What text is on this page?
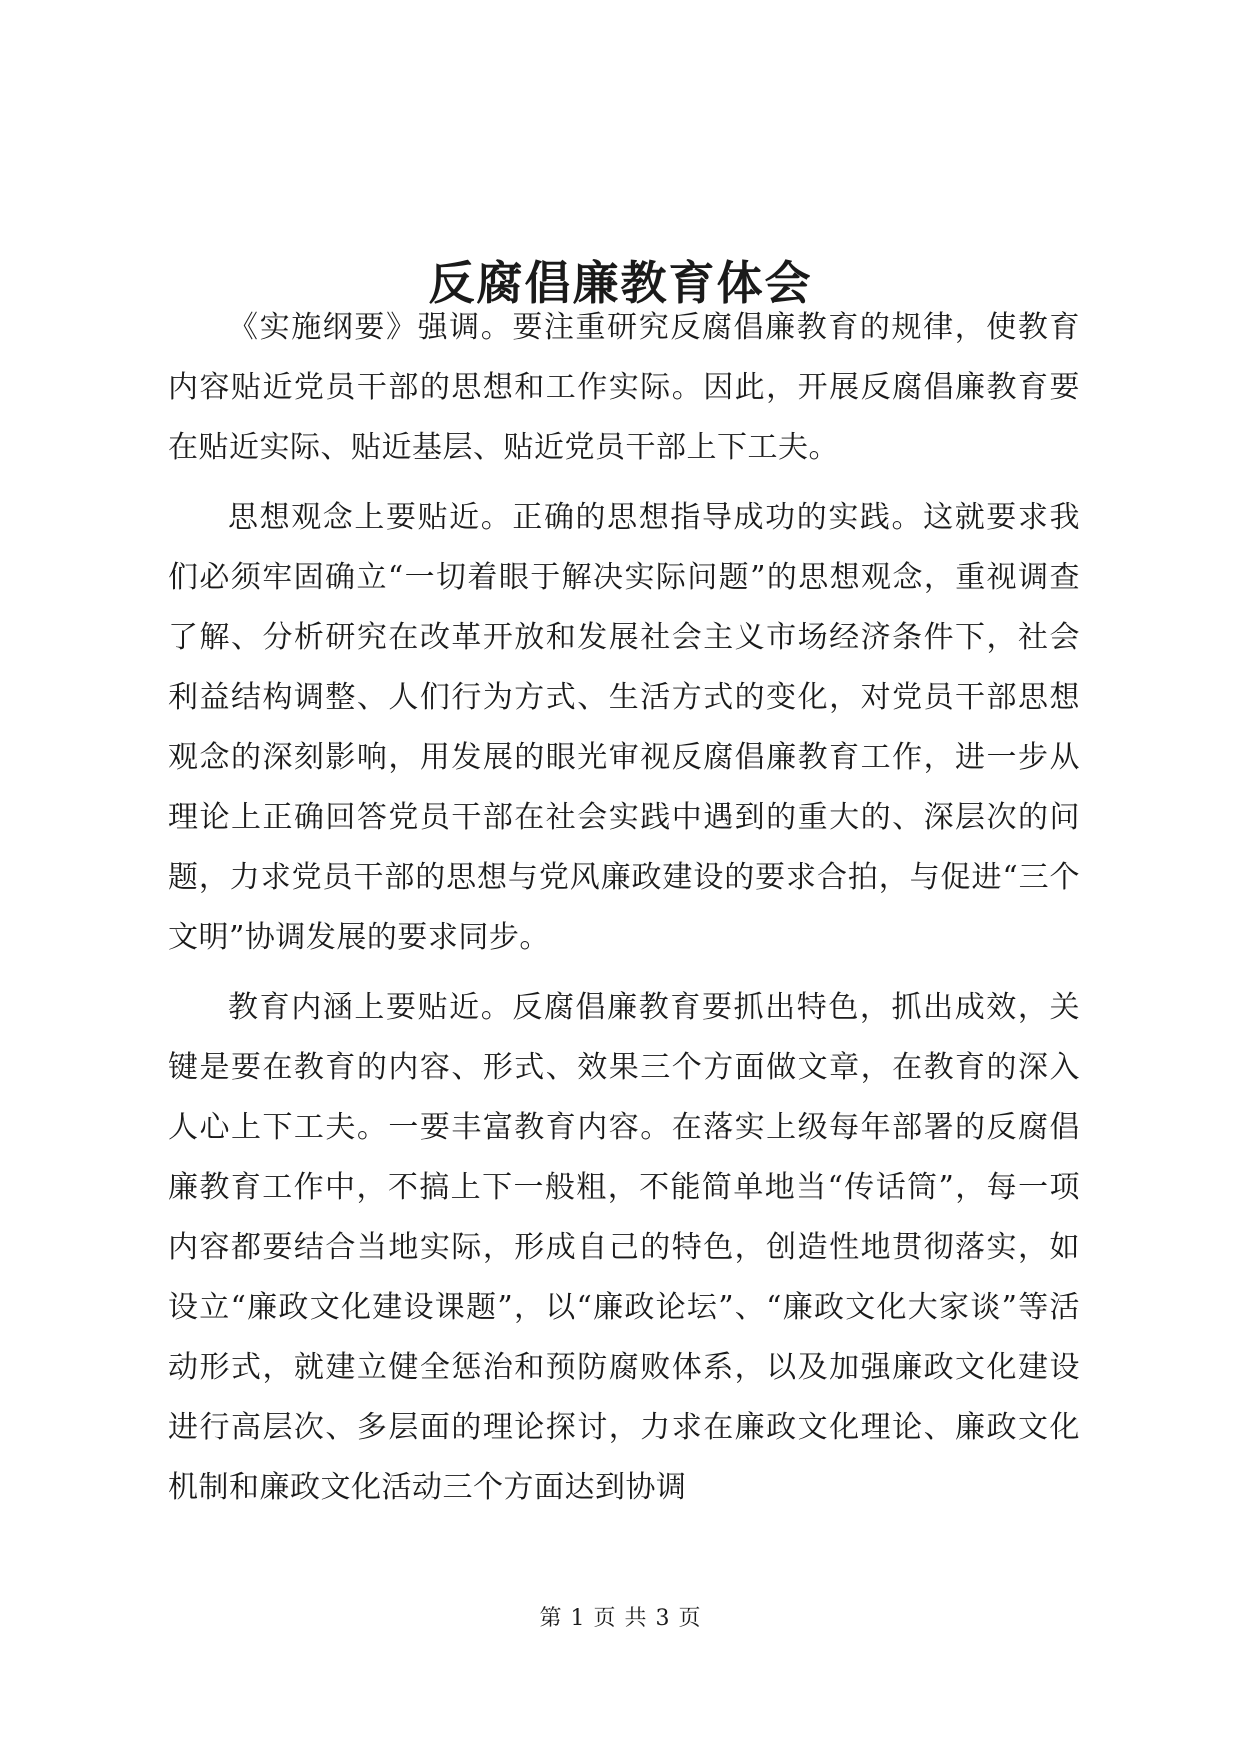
反腐倡廉教育体会

《实施纲要》强调。要注重研究反腐倡廉教育的规律，使教育内容贴近党员干部的思想和工作实际。因此，开展反腐倡廉教育要在贴近实际、贴近基层、贴近党员干部上下工夫。

思想观念上要贴近。正确的思想指导成功的实践。这就要求我们必须牢固确立“一切着眼于解决实际问题”的思想观念，重视调查了解、分析研究在改革开放和发展社会主义市场经济条件下，社会利益结构调整、人们行为方式、生活方式的变化，对党员干部思想观念的深刻影响，用发展的眼光审视反腐倡廉教育工作，进一步从理论上正确回答党员干部在社会实践中遇到的重大的、深层次的问题，力求党员干部的思想与党风廉政建设的要求合拍，与促进“三个文明”协调发展的要求同步。

教育内涵上要贴近。反腐倡廉教育要抓出特色，抓出成效，关键是要在教育的内容、形式、效果三个方面做文章，在教育的深入人心上下工夫。一要丰富教育内容。在落实上级每年部署的反腐倡廉教育工作中，不搞上下一般粗，不能简单地当“传话筒”，每一项内容都要结合当地实际，形成自己的特色，创造性地贯彻落实，如设立“廉政文化建设课题”，以“廉政论坛”、“廉政文化大家谈”等活动形式，就建立健全惩治和预防腐败体系，以及加强廉政文化建设进行高层次、多层面的理论探讨，力求在廉政文化理论、廉政文化机制和廉政文化活动三个方面达到协调

第 1 页 共 3 页
